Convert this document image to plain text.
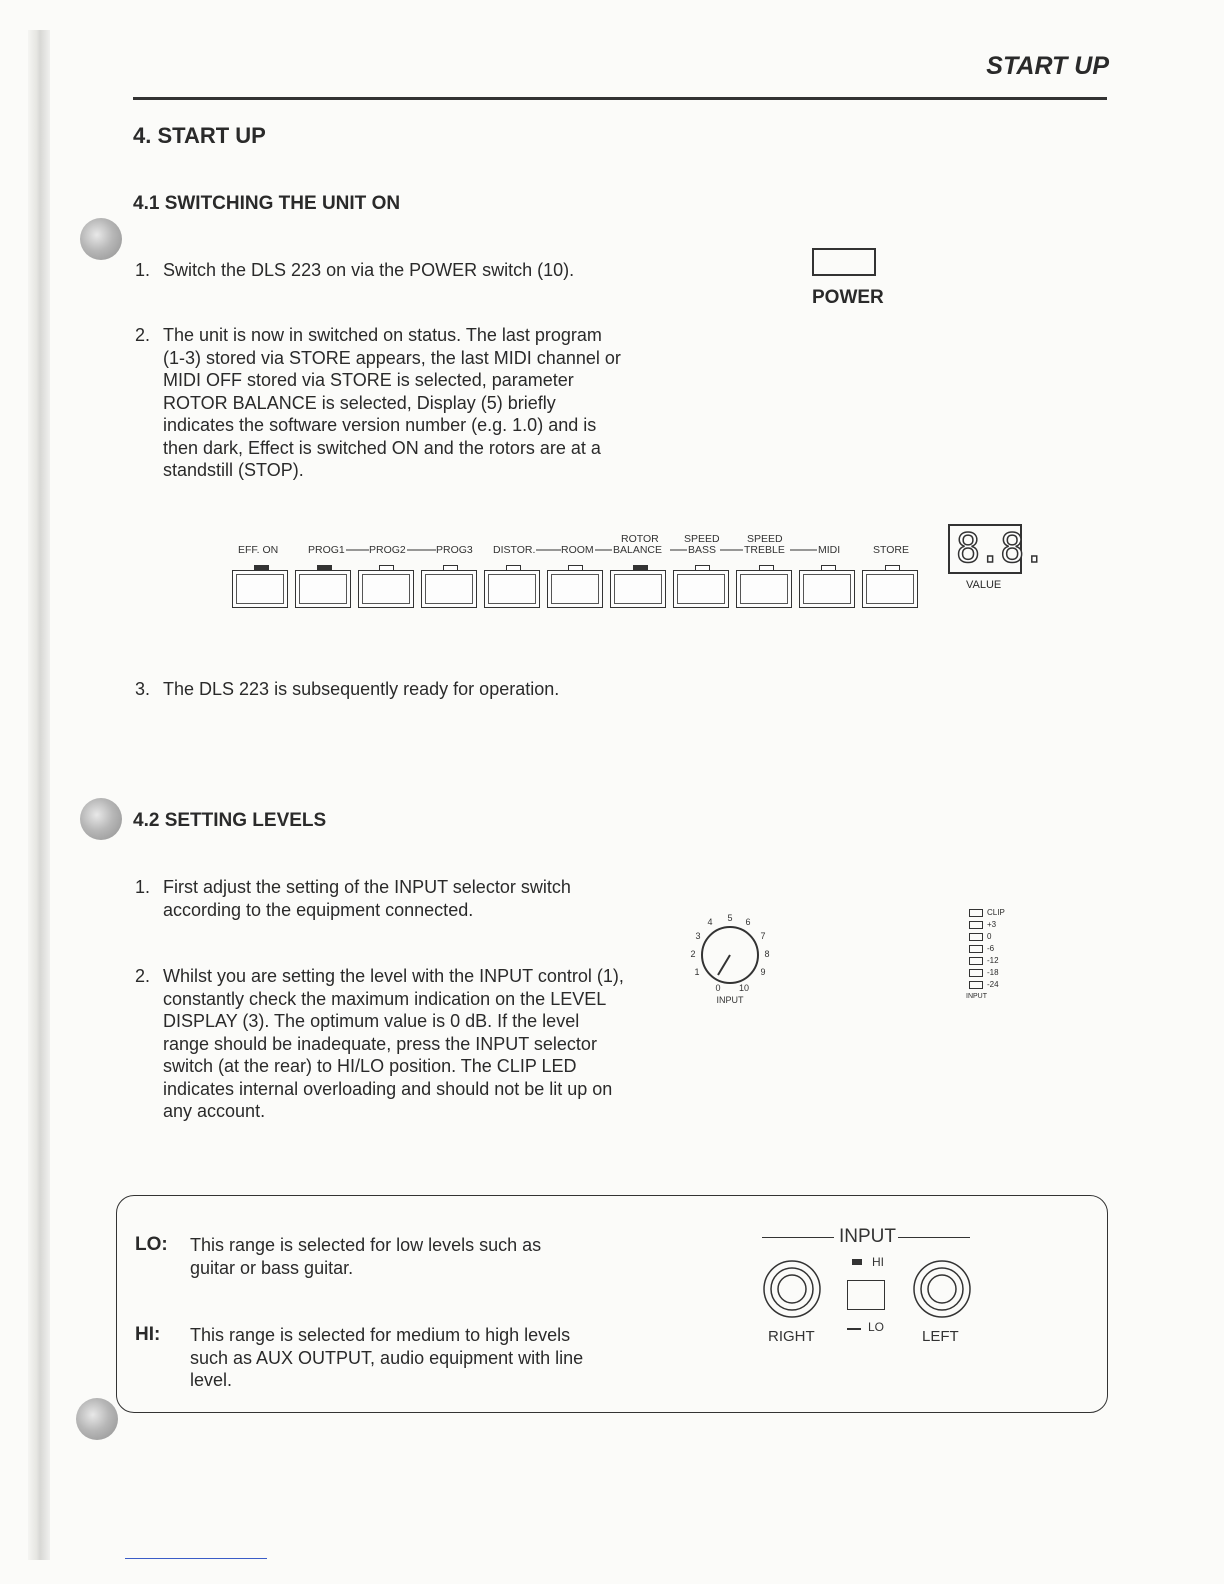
START UP
4. START UP
4.1 SWITCHING THE UNIT ON
1. Switch the DLS 223 on via the POWER switch (10).
POWER
2. The unit is now in switched on status. The last program (1-3) stored via STORE appears, the last MIDI channel or MIDI OFF stored via STORE is selected, parameter ROTOR BALANCE is selected, Display (5) briefly indicates the software version number (e.g. 1.0) and is then dark, Effect is switched ON and the rotors are at a standstill (STOP).
EFF. ON	PROG1 PROG2	PROG3 DISTOR. ROOM
ROTOR
BALANCE
SPEED
BASS
SPEED
TREBLE	MIDI	STORE 8.8.
VALUE
3. The DLS 223 is subsequently ready for operation.
4.2 SETTING LEVELS
1. First adjust the setting of the INPUT selector switch according to the equipment connected.
2. Whilst you are setting the level with the INPUT control (1), constantly check the maximum indication on the LEVEL DISPLAY (3). The optimum value is 0 dB. If the level range should be inadequate, press the INPUT selector switch (at the rear) to HI/LO position. The CLIP LED indicates internal overloading and should not be lit up on any account.
0
1
2
3
4 5 6
7
8
9
10
INPUT
CLIP
+3
0
-6
-12
-18
-24
INPUT
LO: This range is selected for low levels such as guitar or bass guitar.
HI: This range is selected for medium to high levels such as AUX OUTPUT, audio equipment with line level.
INPUT
HI
LO
RIGHT	LEFT
